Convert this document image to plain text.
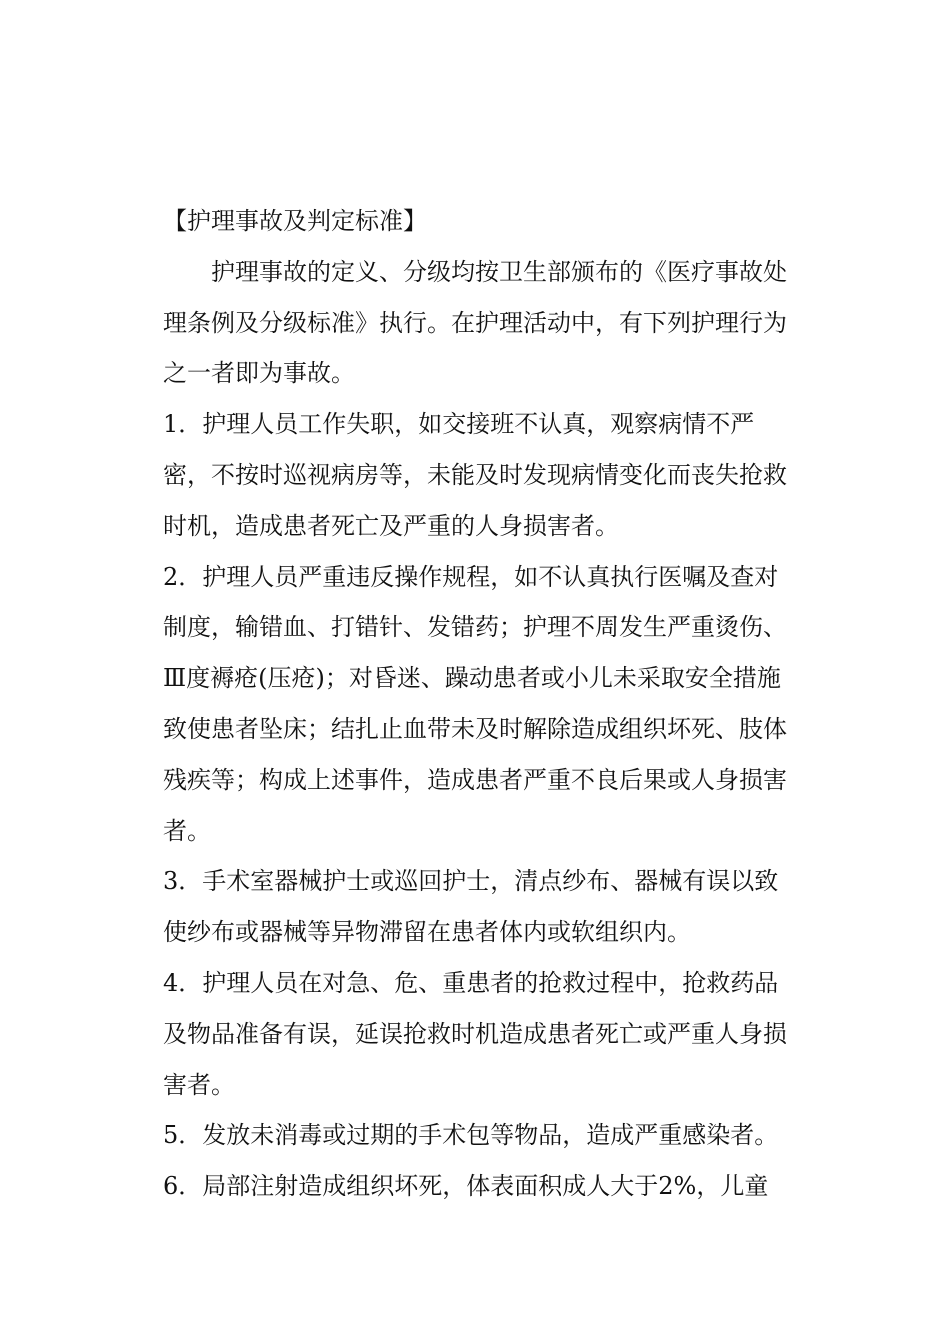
【护理事故及判定标准】

护理事故的定义、分级均按卫生部颁布的《医疗事故处理条例及分级标准》执行。在护理活动中，有下列护理行为之一者即为事故。

1．护理人员工作失职，如交接班不认真，观察病情不严密，不按时巡视病房等，未能及时发现病情变化而丧失抢救时机，造成患者死亡及严重的人身损害者。

2．护理人员严重违反操作规程，如不认真执行医嘱及查对制度，输错血、打错针、发错药；护理不周发生严重烫伤、Ⅲ度褥疮(压疮)；对昏迷、躁动患者或小儿未采取安全措施致使患者坠床；结扎止血带未及时解除造成组织坏死、肢体残疾等；构成上述事件，造成患者严重不良后果或人身损害者。

3．手术室器械护士或巡回护士，清点纱布、器械有误以致使纱布或器械等异物滞留在患者体内或软组织内。

4．护理人员在对急、危、重患者的抢救过程中，抢救药品及物品准备有误，延误抢救时机造成患者死亡或严重人身损害者。

5．发放未消毒或过期的手术包等物品，造成严重感染者。

6．局部注射造成组织坏死，体表面积成人大于2%，儿童
